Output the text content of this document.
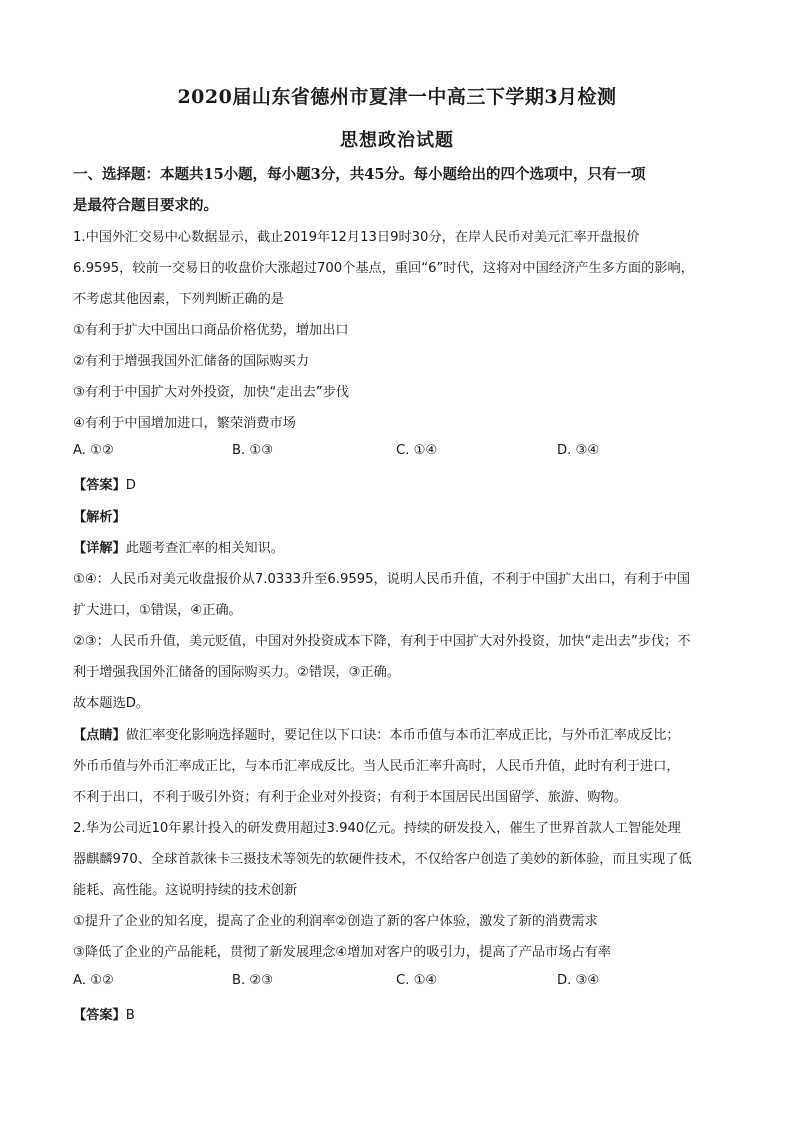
2020届山东省德州市夏津一中高三下学期3月检测
思想政治试题
一、选择题：本题共15小题，每小题3分，共45分。每小题给出的四个选项中，只有一项
是最符合题目要求的。
1.中国外汇交易中心数据显示，截止2019年12月13日9时30分，在岸人民币对美元汇率开盘报价
6.9595，较前一交易日的收盘价大涨超过700个基点，重回“6”时代，这将对中国经济产生多方面的影响，
不考虑其他因素，下列判断正确的是
①有利于扩大中国出口商品价格优势，增加出口
②有利于增强我国外汇储备的国际购买力
③有利于中国扩大对外投资，加快“走出去”步伐
④有利于中国增加进口，繁荣消费市场
A. ①②	B. ①③	C. ①④	D. ③④
【答案】D
【解析】
【详解】此题考查汇率的相关知识。
①④：人民币对美元收盘报价从7.0333升至6.9595，说明人民币升值，不利于中国扩大出口，有利于中国
扩大进口，①错误，④正确。
②③：人民币升值，美元贬值，中国对外投资成本下降，有利于中国扩大对外投资，加快“走出去”步伐；不
利于增强我国外汇储备的国际购买力。②错误，③正确。
故本题选D。
【点睛】做汇率变化影响选择题时，要记住以下口诀：本币币值与本币汇率成正比，与外币汇率成反比；
外币币值与外币汇率成正比，与本币汇率成反比。当人民币汇率升高时，人民币升值，此时有利于进口，
不利于出口，不利于吸引外资；有利于企业对外投资；有利于本国居民出国留学、旅游、购物。
2.华为公司近10年累计投入的研发费用超过3.940亿元。持续的研发投入，催生了世界首款人工智能处理
器麒麟970、全球首款徕卡三摄技术等领先的软硬件技术，不仅给客户创造了美妙的新体验，而且实现了低
能耗、高性能。这说明持续的技术创新
①提升了企业的知名度，提高了企业的利润率②创造了新的客户体验，激发了新的消费需求
③降低了企业的产品能耗，贯彻了新发展理念④增加对客户的吸引力，提高了产品市场占有率
A. ①②	B. ②③	C. ①④	D. ③④
【答案】B
